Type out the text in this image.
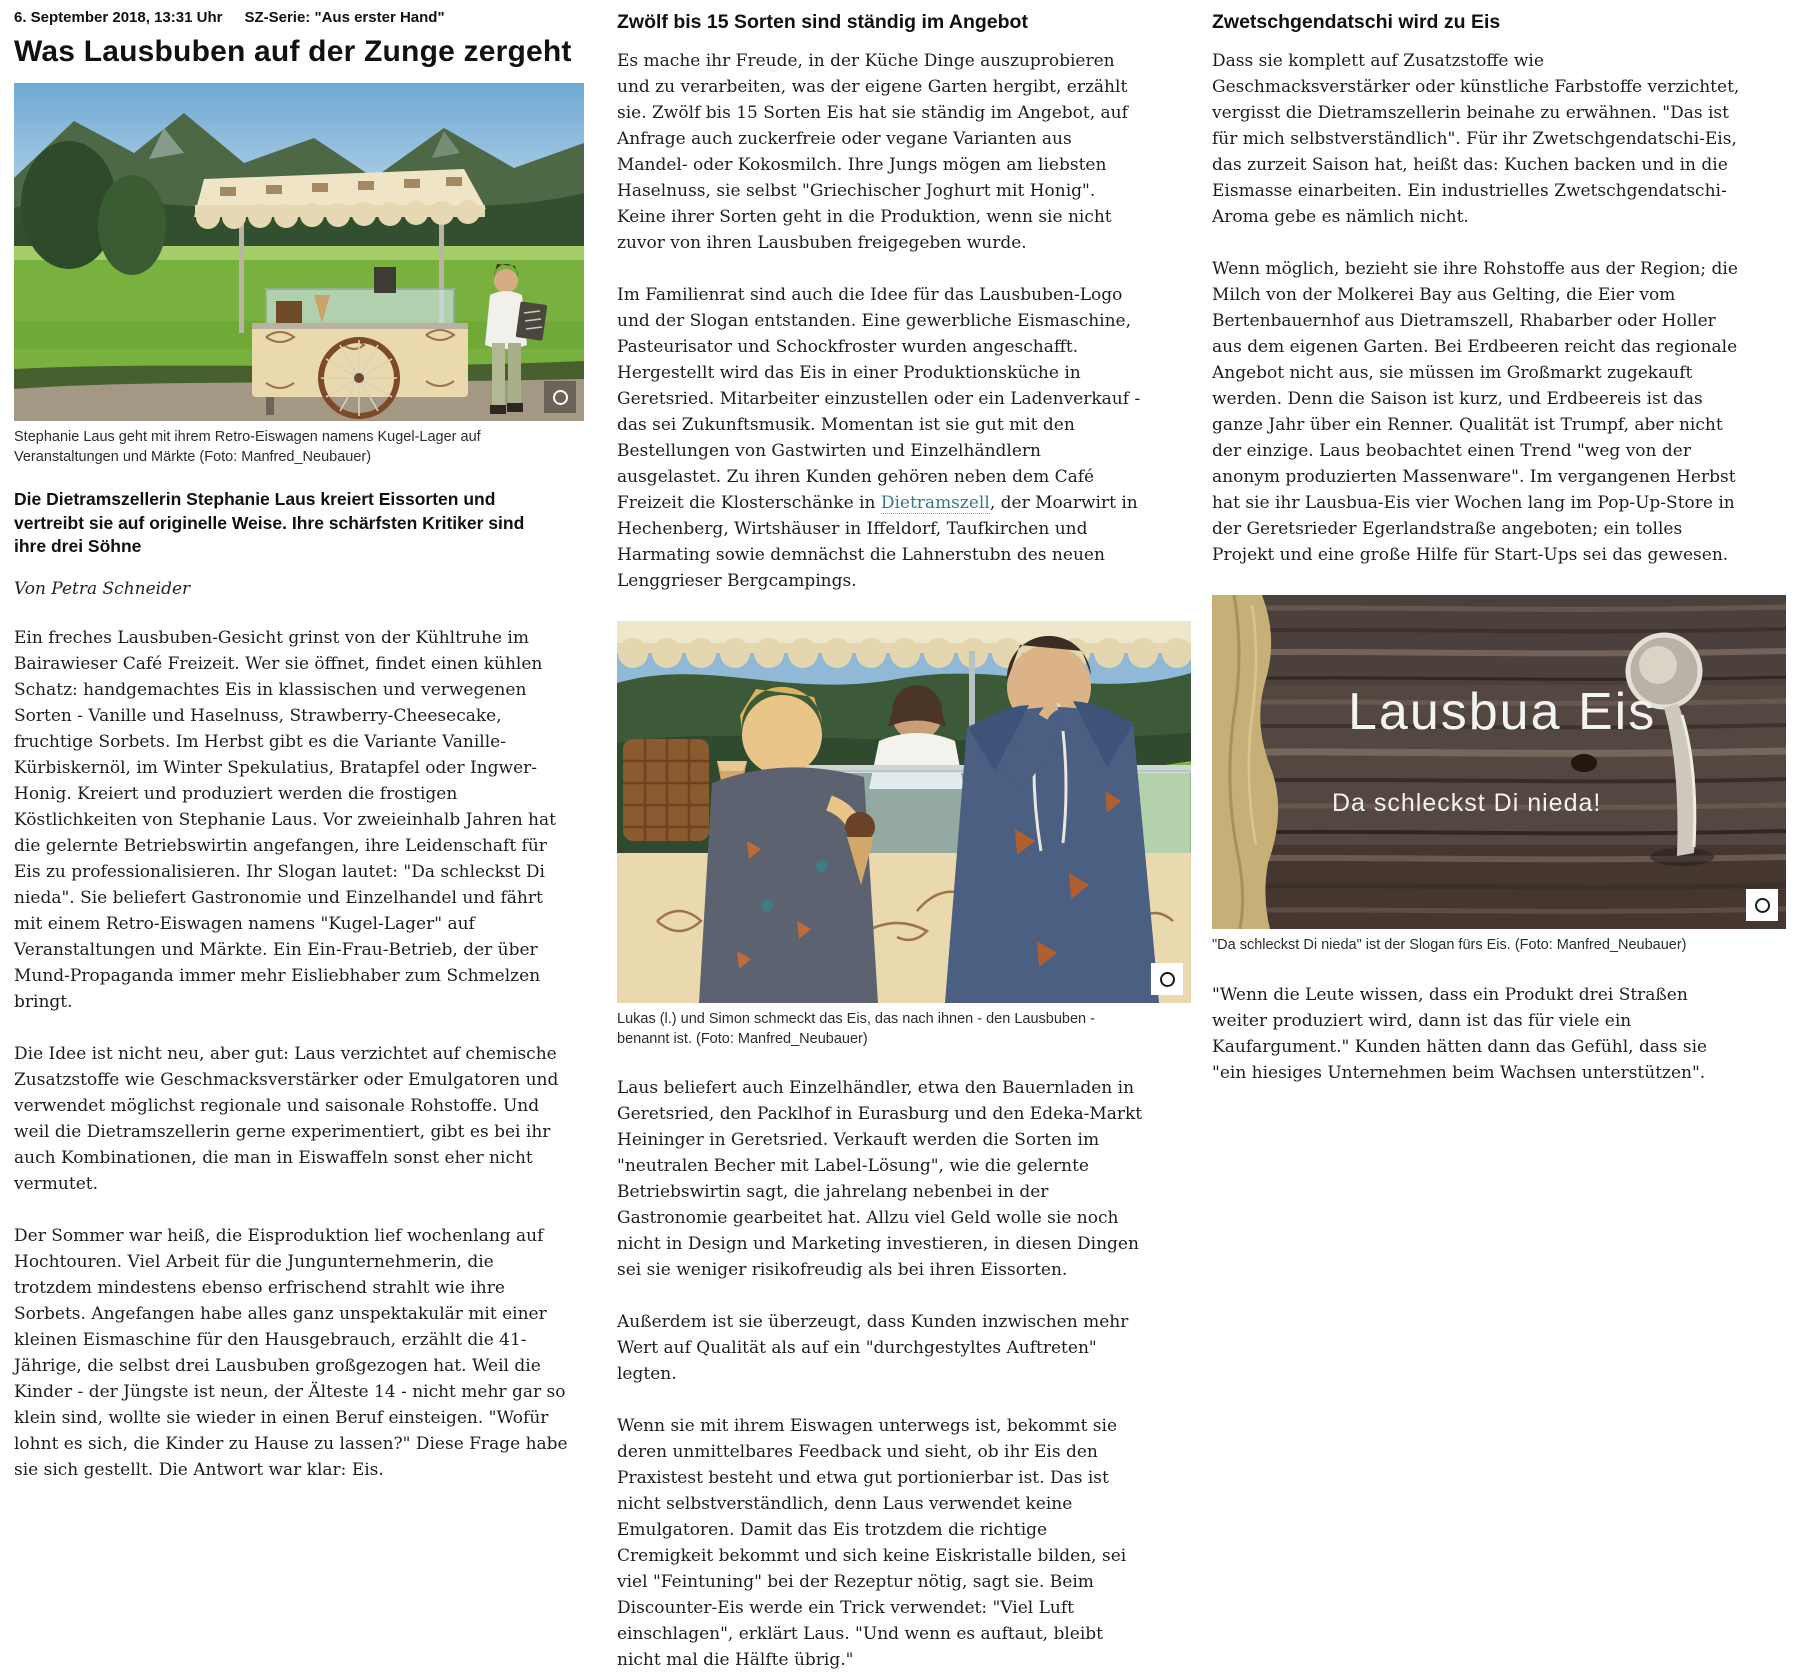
6. September 2018, 13:31 Uhr SZ-Serie: "Aus erster Hand"
Was Lausbuben auf der Zunge zergeht
Stephanie Laus geht mit ihrem Retro-Eiswagen namens Kugel-Lager auf Veranstaltungen und Märkte (Foto: Manfred_Neubauer)

Die Dietramszellerin Stephanie Laus kreiert Eissorten und vertreibt sie auf originelle Weise. Ihre schärfsten Kritiker sind ihre drei Söhne

Von Petra Schneider

Ein freches Lausbuben-Gesicht grinst von der Kühltruhe im Bairawieser Café Freizeit. Wer sie öffnet, findet einen kühlen Schatz: handgemachtes Eis in klassischen und verwegenen Sorten - Vanille und Haselnuss, Strawberry-Cheesecake, fruchtige Sorbets. Im Herbst gibt es die Variante Vanille-Kürbiskernöl, im Winter Spekulatius, Bratapfel oder Ingwer-Honig. Kreiert und produziert werden die frostigen Köstlichkeiten von Stephanie Laus. Vor zweieinhalb Jahren hat die gelernte Betriebswirtin angefangen, ihre Leidenschaft für Eis zu professionalisieren. Ihr Slogan lautet: "Da schleckst Di nieda". Sie beliefert Gastronomie und Einzelhandel und fährt mit einem Retro-Eiswagen namens "Kugel-Lager" auf Veranstaltungen und Märkte. Ein Ein-Frau-Betrieb, der über Mund-Propaganda immer mehr Eisliebhaber zum Schmelzen bringt.

Die Idee ist nicht neu, aber gut: Laus verzichtet auf chemische Zusatzstoffe wie Geschmacksverstärker oder Emulgatoren und verwendet möglichst regionale und saisonale Rohstoffe. Und weil die Dietramszellerin gerne experimentiert, gibt es bei ihr auch Kombinationen, die man in Eiswaffeln sonst eher nicht vermutet.

Der Sommer war heiß, die Eisproduktion lief wochenlang auf Hochtouren. Viel Arbeit für die Jungunternehmerin, die trotzdem mindestens ebenso erfrischend strahlt wie ihre Sorbets. Angefangen habe alles ganz unspektakulär mit einer kleinen Eismaschine für den Hausgebrauch, erzählt die 41-Jährige, die selbst drei Lausbuben großgezogen hat. Weil die Kinder - der Jüngste ist neun, der Älteste 14 - nicht mehr gar so klein sind, wollte sie wieder in einen Beruf einsteigen. "Wofür lohnt es sich, die Kinder zu Hause zu lassen?" Diese Frage habe sie sich gestellt. Die Antwort war klar: Eis.

Zwölf bis 15 Sorten sind ständig im Angebot

Es mache ihr Freude, in der Küche Dinge auszuprobieren und zu verarbeiten, was der eigene Garten hergibt, erzählt sie. Zwölf bis 15 Sorten Eis hat sie ständig im Angebot, auf Anfrage auch zuckerfreie oder vegane Varianten aus Mandel- oder Kokosmilch. Ihre Jungs mögen am liebsten Haselnuss, sie selbst "Griechischer Joghurt mit Honig". Keine ihrer Sorten geht in die Produktion, wenn sie nicht zuvor von ihren Lausbuben freigegeben wurde.

Im Familienrat sind auch die Idee für das Lausbuben-Logo und der Slogan entstanden. Eine gewerbliche Eismaschine, Pasteurisator und Schockfroster wurden angeschafft. Hergestellt wird das Eis in einer Produktionsküche in Geretsried. Mitarbeiter einzustellen oder ein Ladenverkauf - das sei Zukunftsmusik. Momentan ist sie gut mit den Bestellungen von Gastwirten und Einzelhändlern ausgelastet. Zu ihren Kunden gehören neben dem Café Freizeit die Klosterschänke in Dietramszell, der Moarwirt in Hechenberg, Wirtshäuser in Iffeldorf, Taufkirchen und Harmating sowie demnächst die Lahnerstubn des neuen Lenggrieser Bergcampings.

Lukas (l.) und Simon schmeckt das Eis, das nach ihnen - den Lausbuben - benannt ist. (Foto: Manfred_Neubauer)

Laus beliefert auch Einzelhändler, etwa den Bauernladen in Geretsried, den Packlhof in Eurasburg und den Edeka-Markt Heininger in Geretsried. Verkauft werden die Sorten im "neutralen Becher mit Label-Lösung", wie die gelernte Betriebswirtin sagt, die jahrelang nebenbei in der Gastronomie gearbeitet hat. Allzu viel Geld wolle sie noch nicht in Design und Marketing investieren, in diesen Dingen sei sie weniger risikofreudig als bei ihren Eissorten.

Außerdem ist sie überzeugt, dass Kunden inzwischen mehr Wert auf Qualität als auf ein "durchgestyltes Auftreten" legten.

Wenn sie mit ihrem Eiswagen unterwegs ist, bekommt sie deren unmittelbares Feedback und sieht, ob ihr Eis den Praxistest besteht und etwa gut portionierbar ist. Das ist nicht selbstverständlich, denn Laus verwendet keine Emulgatoren. Damit das Eis trotzdem die richtige Cremigkeit bekommt und sich keine Eiskristalle bilden, sei viel "Feintuning" bei der Rezeptur nötig, sagt sie. Beim Discounter-Eis werde ein Trick verwendet: "Viel Luft einschlagen", erklärt Laus. "Und wenn es auftaut, bleibt nicht mal die Hälfte übrig."

Zwetschgendatschi wird zu Eis

Dass sie komplett auf Zusatzstoffe wie Geschmacksverstärker oder künstliche Farbstoffe verzichtet, vergisst die Dietramszellerin beinahe zu erwähnen. "Das ist für mich selbstverständlich". Für ihr Zwetschgendatschi-Eis, das zurzeit Saison hat, heißt das: Kuchen backen und in die Eismasse einarbeiten. Ein industrielles Zwetschgendatschi-Aroma gebe es nämlich nicht.

Wenn möglich, bezieht sie ihre Rohstoffe aus der Region; die Milch von der Molkerei Bay aus Gelting, die Eier vom Bertenbauernhof aus Dietramszell, Rhabarber oder Holler aus dem eigenen Garten. Bei Erdbeeren reicht das regionale Angebot nicht aus, sie müssen im Großmarkt zugekauft werden. Denn die Saison ist kurz, und Erdbeereis ist das ganze Jahr über ein Renner. Qualität ist Trumpf, aber nicht der einzige. Laus beobachtet einen Trend "weg von der anonym produzierten Massenware". Im vergangenen Herbst hat sie ihr Lausbua-Eis vier Wochen lang im Pop-Up-Store in der Geretsrieder Egerlandstraße angeboten; ein tolles Projekt und eine große Hilfe für Start-Ups sei das gewesen.

Lausbua Eis
Da schleckst Di nieda!
"Da schleckst Di nieda" ist der Slogan fürs Eis. (Foto: Manfred_Neubauer)

"Wenn die Leute wissen, dass ein Produkt drei Straßen weiter produziert wird, dann ist das für viele ein Kaufargument." Kunden hätten dann das Gefühl, dass sie "ein hiesiges Unternehmen beim Wachsen unterstützen".
